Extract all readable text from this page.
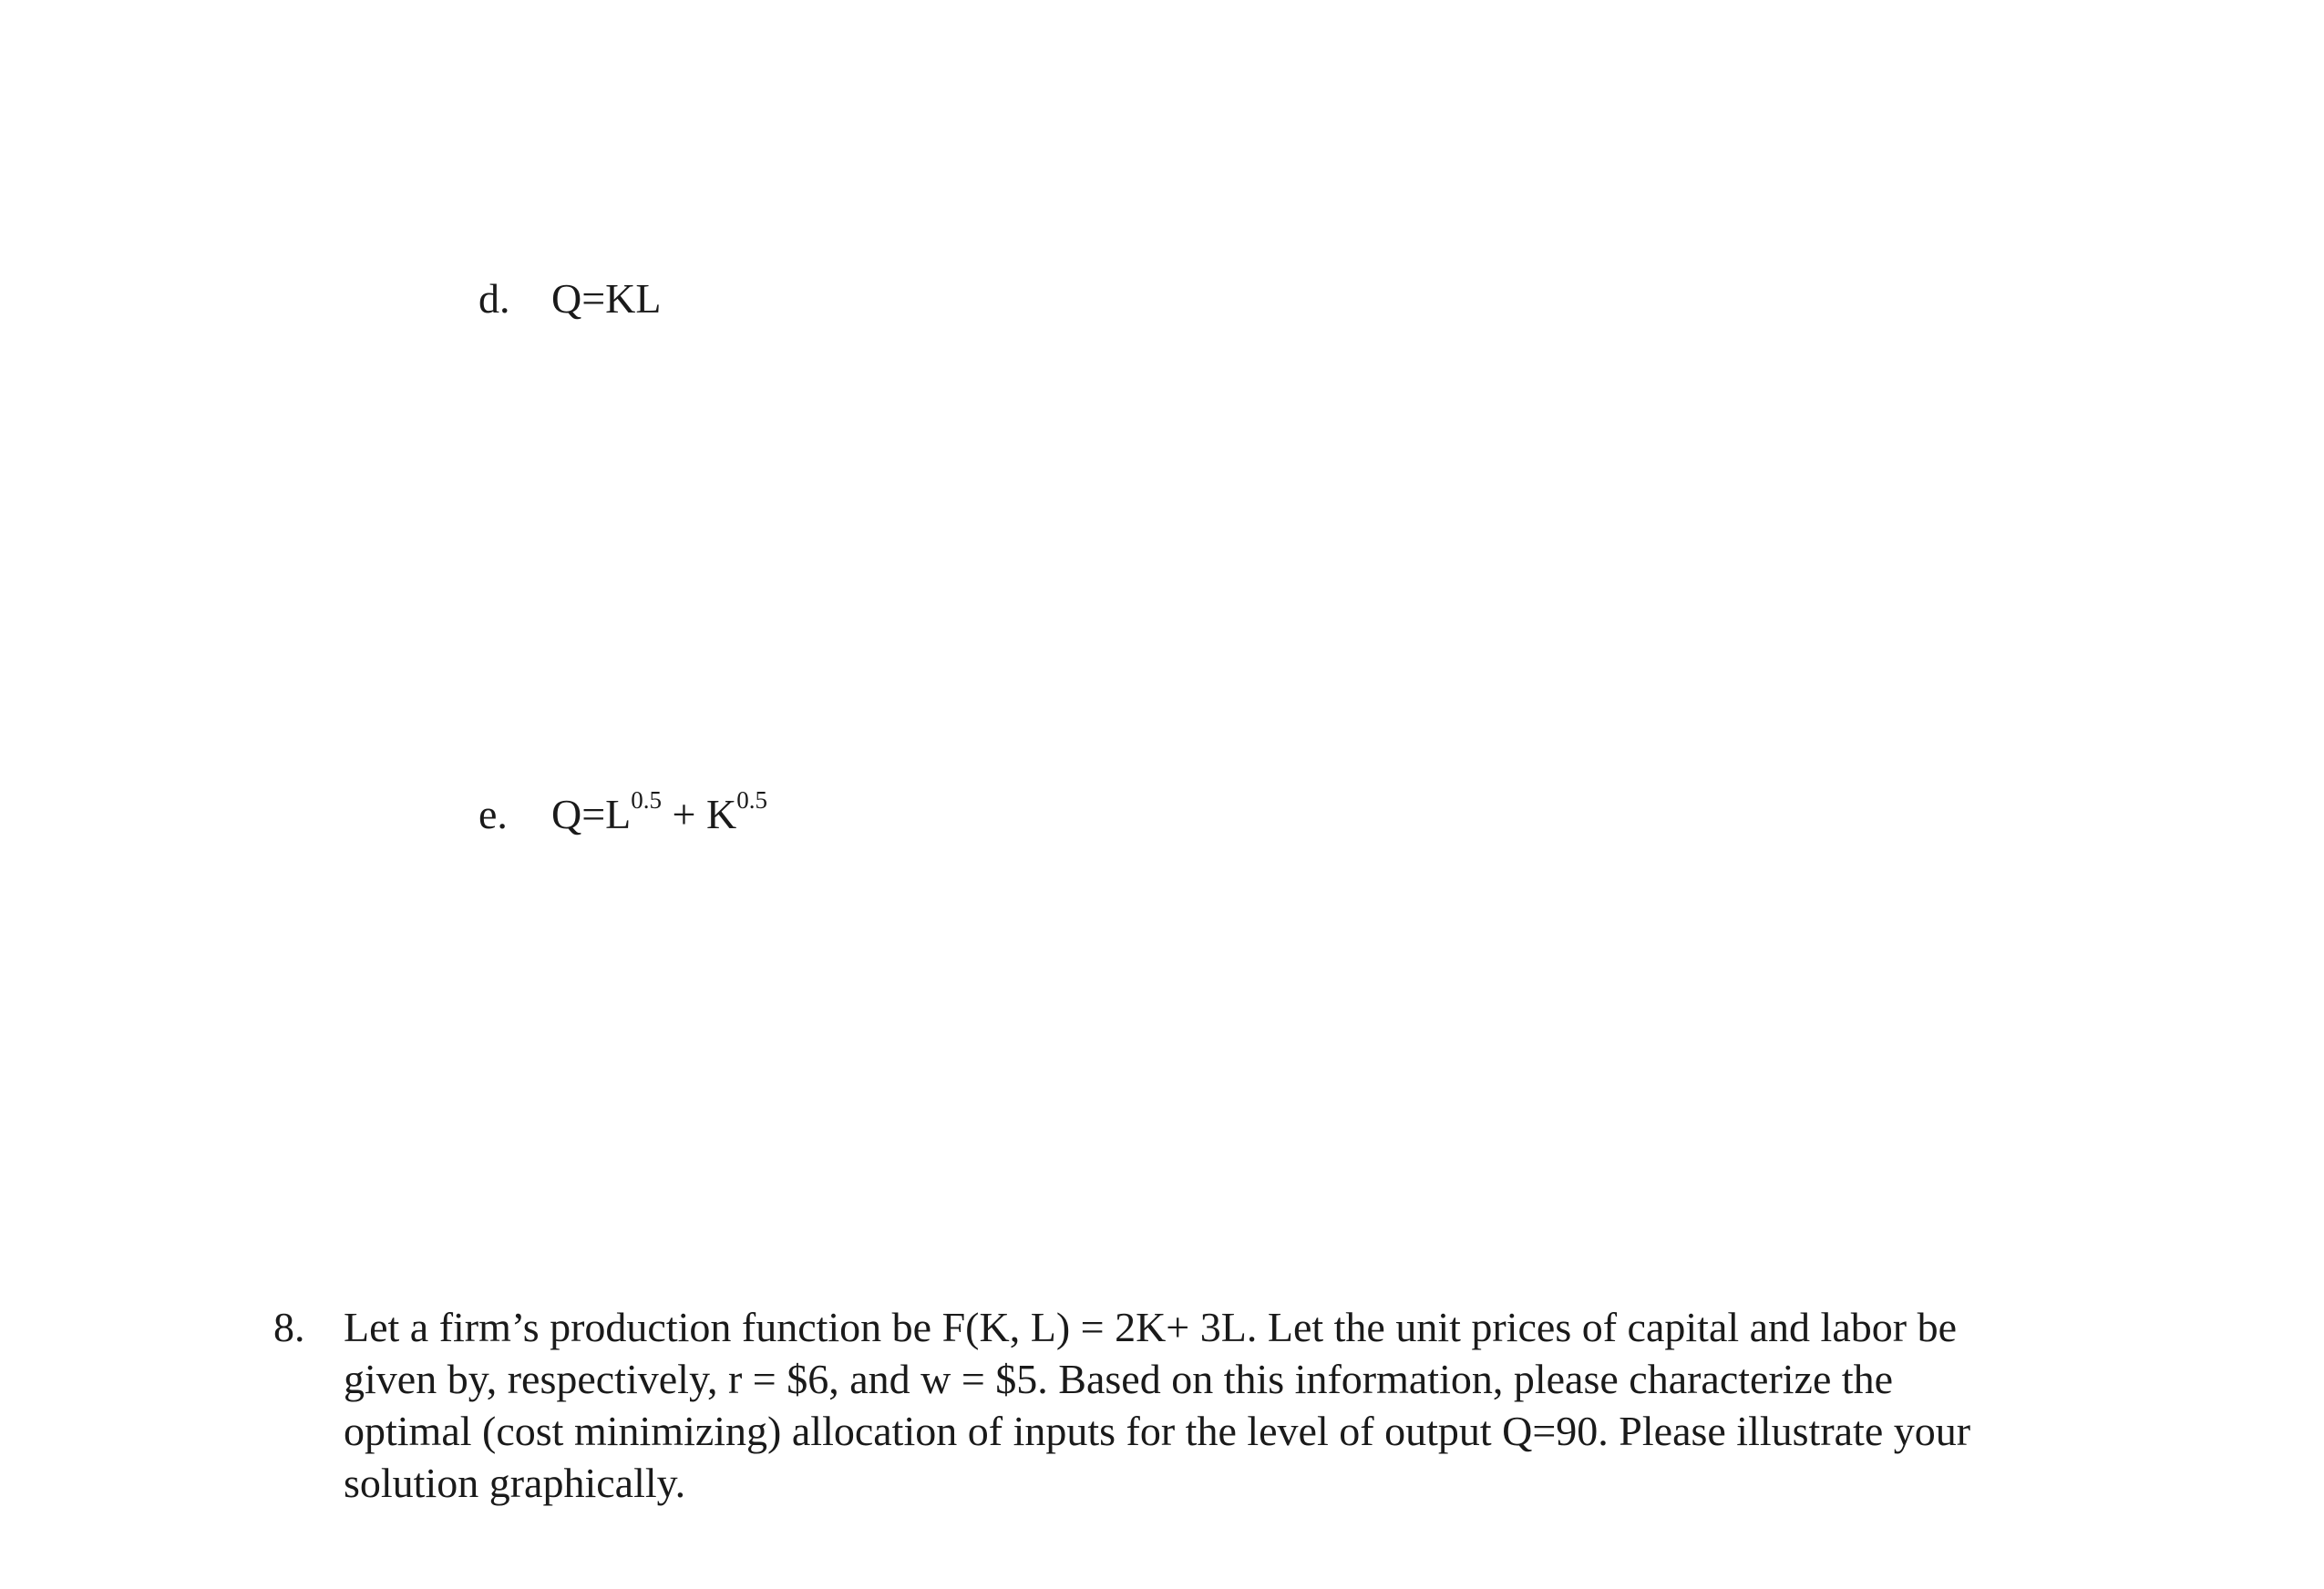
d. Q=KL
e. $Q=L^{0.5} + K^{0.5}$
8. Let a firm’s production function be F(K, L) = 2K+ 3L. Let the unit prices of capital and labor be
given by, respectively, r = $6, and w = $5. Based on this information, please characterize the
optimal (cost minimizing) allocation of inputs for the level of output Q=90. Please illustrate your
solution graphically.
